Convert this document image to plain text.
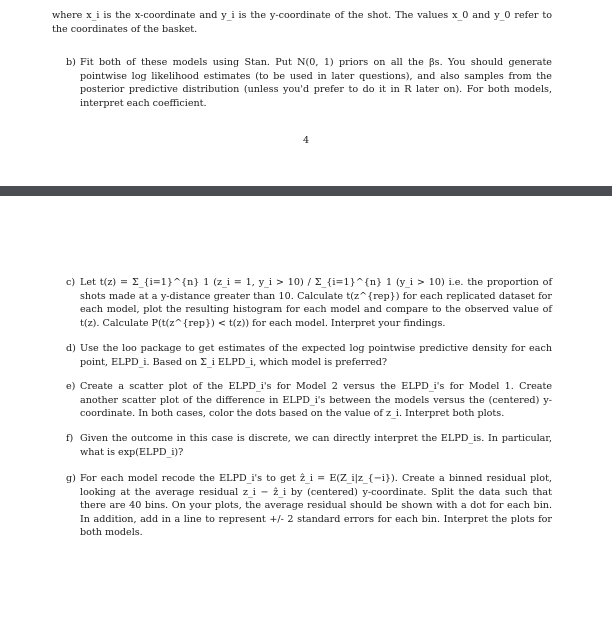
where x_i is the x-coordinate and y_i is the y-coordinate of the shot. The values x_0 and y_0 refer to the coordinates of the basket.

b) Fit both of these models using Stan. Put N(0, 1) priors on all the βs. You should generate pointwise log likelihood estimates (to be used in later questions), and also samples from the posterior predictive distribution (unless you'd prefer to do it in R later on). For both models, interpret each coefficient.
4
c) Let t(z) = Σ_{i=1}^{n} 1 (z_i = 1, y_i > 10) / Σ_{i=1}^{n} 1 (y_i > 10) i.e. the proportion of shots made at a y-distance greater than 10. Calculate t(z^{rep}) for each replicated dataset for each model, plot the resulting histogram for each model and compare to the observed value of t(z). Calculate P(t(z^{rep}) < t(z)) for each model. Interpret your findings.
d) Use the loo package to get estimates of the expected log pointwise predictive density for each point, ELPD_i. Based on Σ_i ELPD_i, which model is preferred?
e) Create a scatter plot of the ELPD_i's for Model 2 versus the ELPD_i's for Model 1. Create another scatter plot of the difference in ELPD_i's between the models versus the (centered) y-coordinate. In both cases, color the dots based on the value of z_i. Interpret both plots.
f) Given the outcome in this case is discrete, we can directly interpret the ELPD_is. In particular, what is exp(ELPD_i)?
g) For each model recode the ELPD_i's to get ẑ_i = E(Z_i|z_{−i}). Create a binned residual plot, looking at the average residual z_i − ẑ_i by (centered) y-coordinate. Split the data such that there are 40 bins. On your plots, the average residual should be shown with a dot for each bin. In addition, add in a line to represent +/- 2 standard errors for each bin. Interpret the plots for both models.
